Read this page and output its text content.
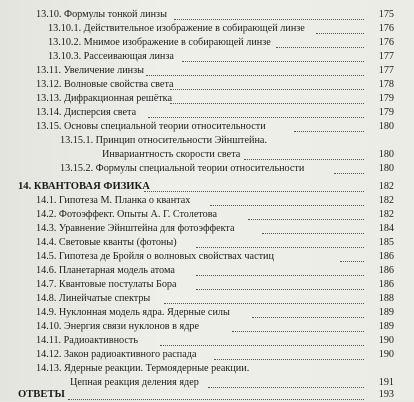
13.10. Формулы тонкой линзы	175
13.10.1. Действительное изображение в собирающей линзе	176
13.10.2. Мнимое изображение в собирающей линзе	176
13.10.3. Рассеивающая линза	177
13.11. Увеличение линзы	177
13.12. Волновые свойства света	178
13.13. Дифракционная решётка	179
13.14. Дисперсия света	179
13.15. Основы специальной теории относительности	180
13.15.1. Принцип относительности Эйнштейна.
Инвариантность скорости света	180
13.15.2. Формулы специальной теории относительности	180
14. КВАНТОВАЯ ФИЗИКА	182
14.1. Гипотеза М. Планка о квантах	182
14.2. Фотоэффект. Опыты А. Г. Столетова	182
14.3. Уравнение Эйнштейна для фотоэффекта	184
14.4. Световые кванты (фотоны)	185
14.5. Гипотеза де Бройля о волновых свойствах частиц	186
14.6. Планетарная модель атома	186
14.7. Квантовые постулаты Бора	186
14.8. Линейчатые спектры	188
14.9. Нуклонная модель ядра. Ядерные силы	189
14.10. Энергия связи нуклонов в ядре	189
14.11. Радиоактивность	190
14.12. Закон радиоактивного распада	190
14.13. Ядерные реакции. Термоядерные реакции.
Цепная реакция деления ядер	191
ОТВЕТЫ	193
